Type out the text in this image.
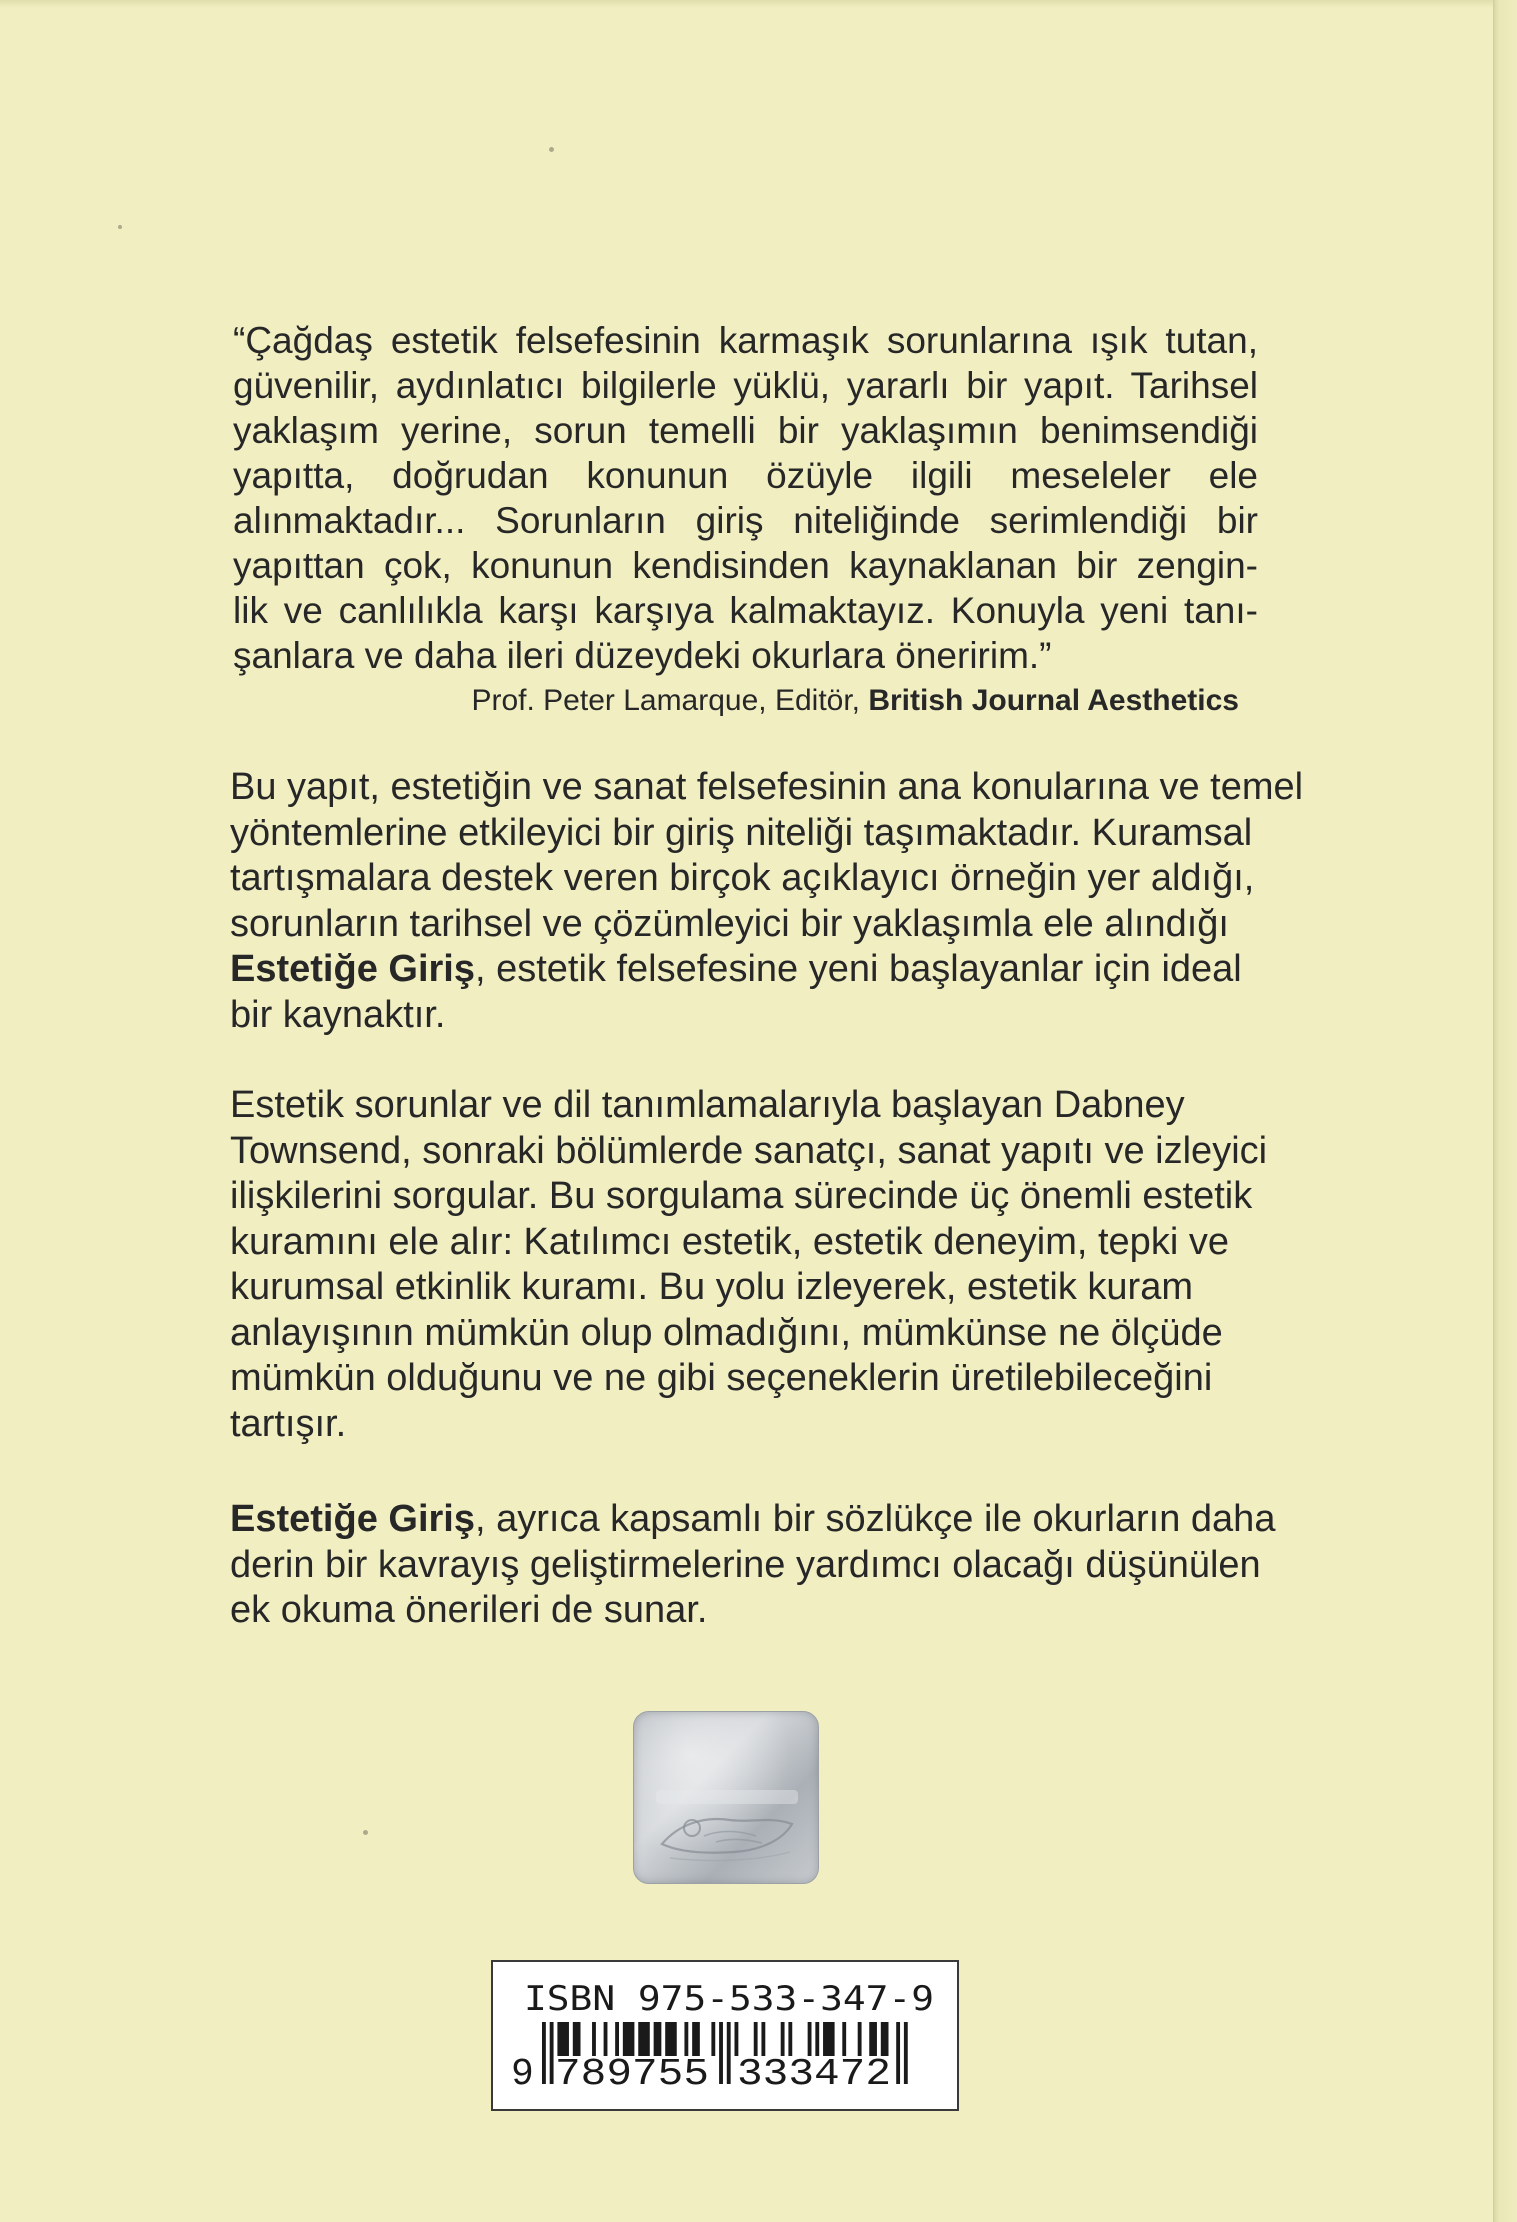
“Çağdaş estetik felsefesinin karmaşık sorunlarına ışık tutan,
güvenilir, aydınlatıcı bilgilerle yüklü, yararlı bir yapıt. Tarihsel
yaklaşım yerine, sorun temelli bir yaklaşımın benimsendiği
yapıtta, doğrudan konunun özüyle ilgili meseleler ele
alınmaktadır... Sorunların giriş niteliğinde serimlendiği bir
yapıttan çok, konunun kendisinden kaynaklanan bir zengin-
lik ve canlılıkla karşı karşıya kalmaktayız. Konuyla yeni tanı-
şanlara ve daha ileri düzeydeki okurlara öneririm.”
Prof. Peter Lamarque, Editör, British Journal Aesthetics
Bu yapıt, estetiğin ve sanat felsefesinin ana konularına ve temel
yöntemlerine etkileyici bir giriş niteliği taşımaktadır. Kuramsal
tartışmalara destek veren birçok açıklayıcı örneğin yer aldığı,
sorunların tarihsel ve çözümleyici bir yaklaşımla ele alındığı
Estetiğe Giriş, estetik felsefesine yeni başlayanlar için ideal
bir kaynaktır.
Estetik sorunlar ve dil tanımlamalarıyla başlayan Dabney
Townsend, sonraki bölümlerde sanatçı, sanat yapıtı ve izleyici
ilişkilerini sorgular. Bu sorgulama sürecinde üç önemli estetik
kuramını ele alır: Katılımcı estetik, estetik deneyim, tepki ve
kurumsal etkinlik kuramı. Bu yolu izleyerek, estetik kuram
anlayışının mümkün olup olmadığını, mümkünse ne ölçüde
mümkün olduğunu ve ne gibi seçeneklerin üretilebileceğini
tartışır.
Estetiğe Giriş, ayrıca kapsamlı bir sözlükçe ile okurların daha
derin bir kavrayış geliştirmelerine yardımcı olacağı düşünülen
ek okuma önerileri de sunar.
ISBN 975-533-347-9
9 789755 333472
